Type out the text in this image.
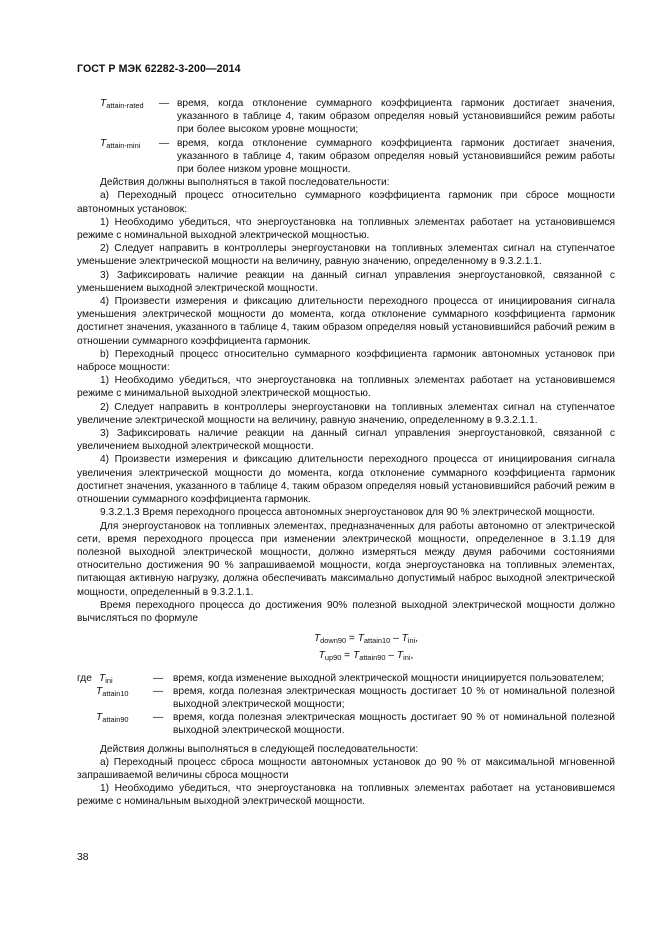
ГОСТ Р МЭК 62282-3-200—2014
$T_{attain-rated}$ — время, когда отклонение суммарного коэффициента гармоник достигает значения, указанного в таблице 4, таким образом определяя новый установившийся режим работы при более высоком уровне мощности;
$T_{attain-mini}$ — время, когда отклонение суммарного коэффициента гармоник достигает значения, указанного в таблице 4, таким образом определяя новый установившийся режим работы при более низком уровне мощности.

Действия должны выполняться в такой последовательности:

а) Переходный процесс относительно суммарного коэффициента гармоник при сбросе мощности автономных установок:

1) Необходимо убедиться, что энергоустановка на топливных элементах работает на установившемся режиме с номинальной выходной электрической мощностью.

2) Следует направить в контроллеры энергоустановки на топливных элементах сигнал на ступенчатое уменьшение электрической мощности на величину, равную значению, определенному в 9.3.2.1.1.

3) Зафиксировать наличие реакции на данный сигнал управления энергоустановкой, связанной с уменьшением выходной электрической мощности.

4) Произвести измерения и фиксацию длительности переходного процесса от инициирования сигнала уменьшения электрической мощности до момента, когда отклонение суммарного коэффициента гармоник достигнет значения, указанного в таблице 4, таким образом определяя новый установившийся рабочий режим в отношении суммарного коэффициента гармоник.

b) Переходный процесс относительно суммарного коэффициента гармоник автономных установок при набросе мощности:

1) Необходимо убедиться, что энергоустановка на топливных элементах работает на установившемся режиме с минимальной выходной электрической мощностью.

2) Следует направить в контроллеры энергоустановки на топливных элементах сигнал на ступенчатое увеличение электрической мощности на величину, равную значению, определенному в 9.3.2.1.1.

3) Зафиксировать наличие реакции на данный сигнал управления энергоустановкой, связанной с увеличением выходной электрической мощности.

4) Произвести измерения и фиксацию длительности переходного процесса от инициирования сигнала увеличения электрической мощности до момента, когда отклонение суммарного коэффициента гармоник достигнет значения, указанного в таблице 4, таким образом определяя новый установившийся рабочий режим в отношении суммарного коэффициента гармоник.

9.3.2.1.3 Время переходного процесса автономных энергоустановок для 90 % электрической мощности.

Для энергоустановок на топливных элементах, предназначенных для работы автономно от электрической сети, время переходного процесса при изменении электрической мощности, определенное в 3.1.19 для полезной выходной электрической мощности, должно измеряться между двумя рабочими состояниями относительно достижения 90 % запрашиваемой мощности, когда энергоустановка на топливных элементах, питающая активную нагрузку, должна обеспечивать максимально допустимый наброс выходной электрической мощности, определенный в 9.3.2.1.1.

Время переходного процесса до достижения 90% полезной выходной электрической мощности должно вычисляться по формуле

$T_{down90} = T_{attain10} - T_{ini}$,
$T_{up90} = T_{attain90} - T_{ini}$,
где $T_{ini}$	— время, когда изменение выходной электрической мощности инициируется пользователем;
$T_{attain10}$ — время, когда полезная электрическая мощность достигает 10 % от номинальной полезной выходной электрической мощности;
$T_{attain90}$ — время, когда полезная электрическая мощность достигает 90 % от номинальной полезной выходной электрической мощности.

Действия должны выполняться в следующей последовательности:

а) Переходный процесс сброса мощности автономных установок до 90 % от максимальной мгновенной запрашиваемой величины сброса мощности

1) Необходимо убедиться, что энергоустановка на топливных элементах работает на установившемся режиме с номинальным выходной электрической мощности.

38
